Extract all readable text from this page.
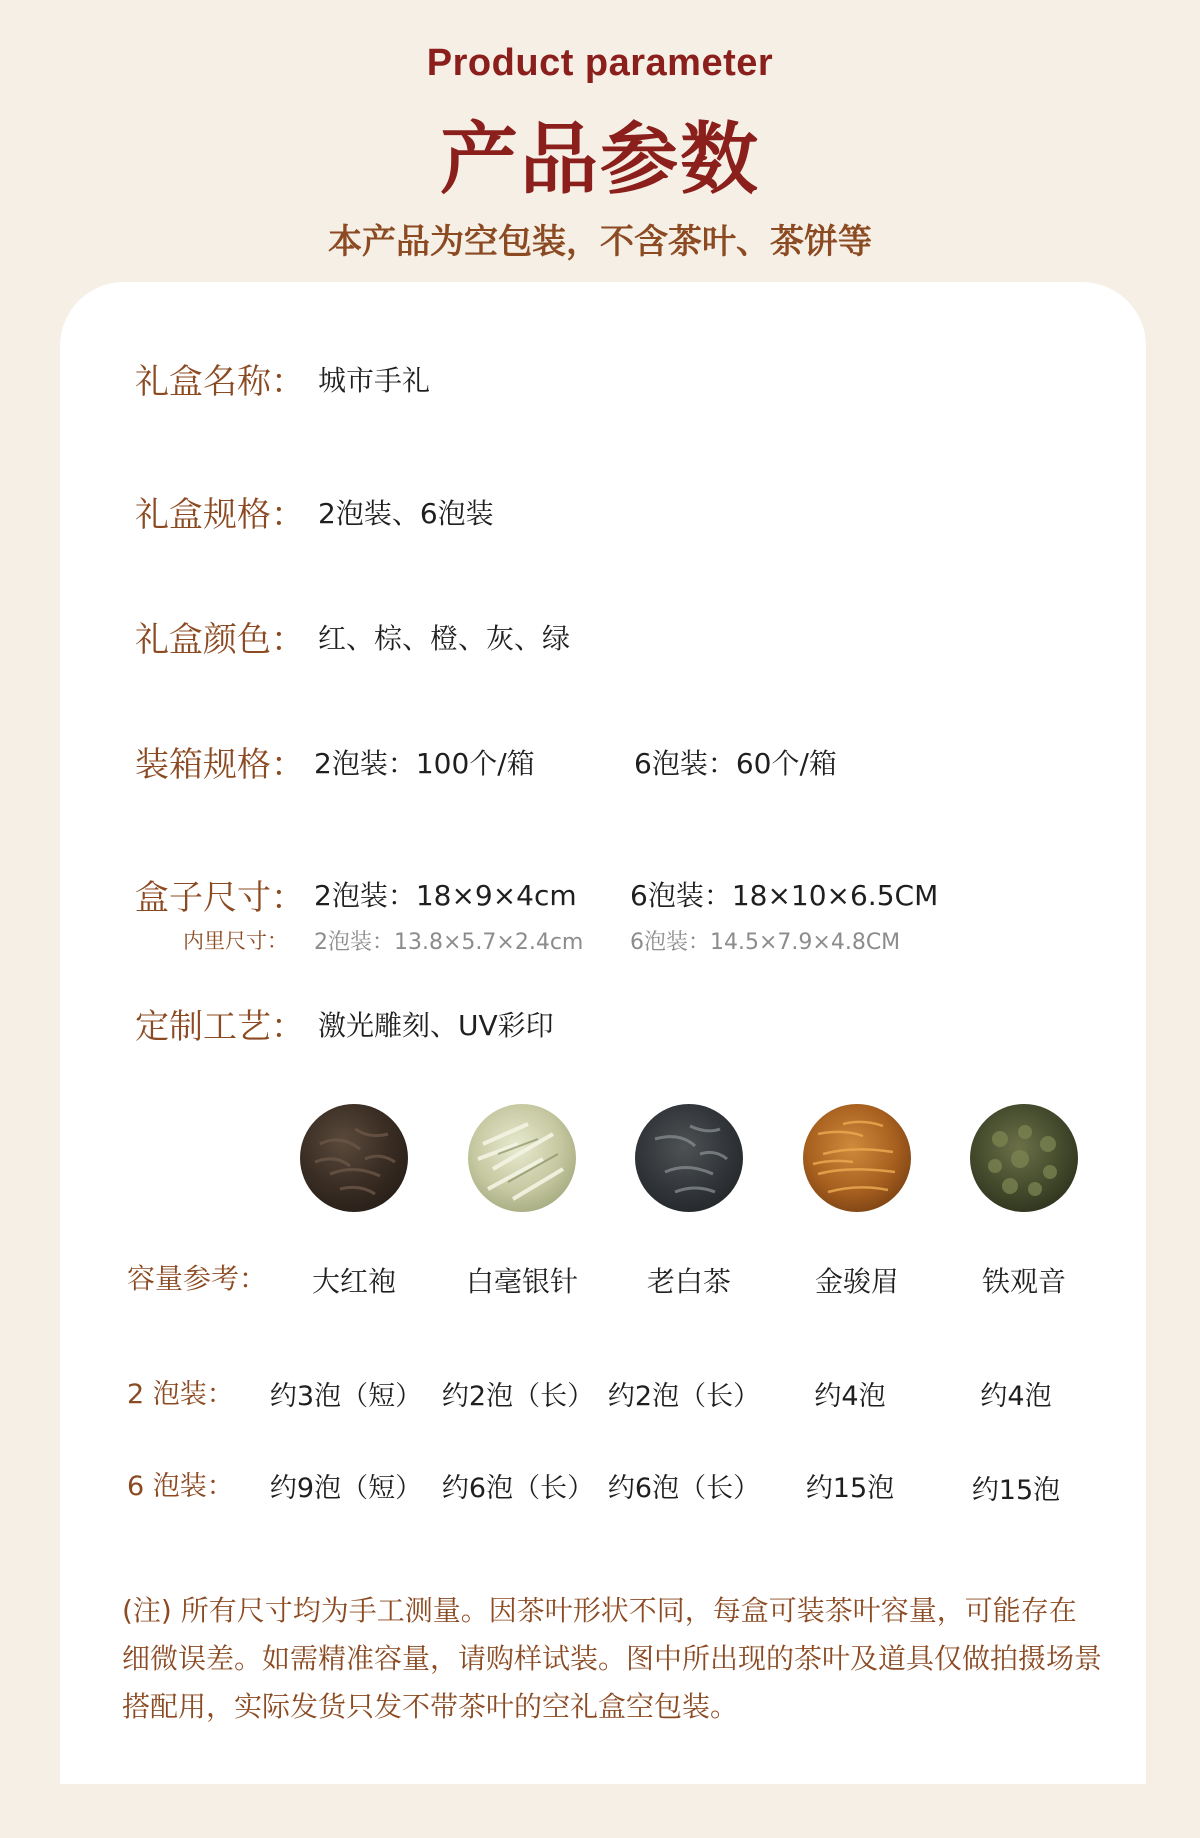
Product parameter
产品参数
本产品为空包装，不含茶叶、茶饼等
礼盒名称： 城市手礼
礼盒规格： 2泡装、6泡装
礼盒颜色： 红、棕、橙、灰、绿
装箱规格： 2泡装：100个/箱	6泡装：60个/箱
盒子尺寸： 2泡装：18×9×4cm 6泡装：18×10×6.5CM
内里尺寸： 2泡装：13.8×5.7×2.4cm 6泡装：14.5×7.9×4.8CM
定制工艺： 激光雕刻、UV彩印
容量参考：	大红袍	白毫银针	老白茶	金骏眉	铁观音
2 泡装： 约3泡（短） 约2泡（长） 约2泡（长）	约4泡	约4泡
6 泡装： 约9泡（短） 约6泡（长） 约6泡（长）	约15泡	约15泡
(注) 所有尺寸均为手工测量。因茶叶形状不同，每盒可装茶叶容量，可能存在细微误差。如需精准容量，请购样试装。图中所出现的茶叶及道具仅做拍摄场景搭配用，实际发货只发不带茶叶的空礼盒空包装。
